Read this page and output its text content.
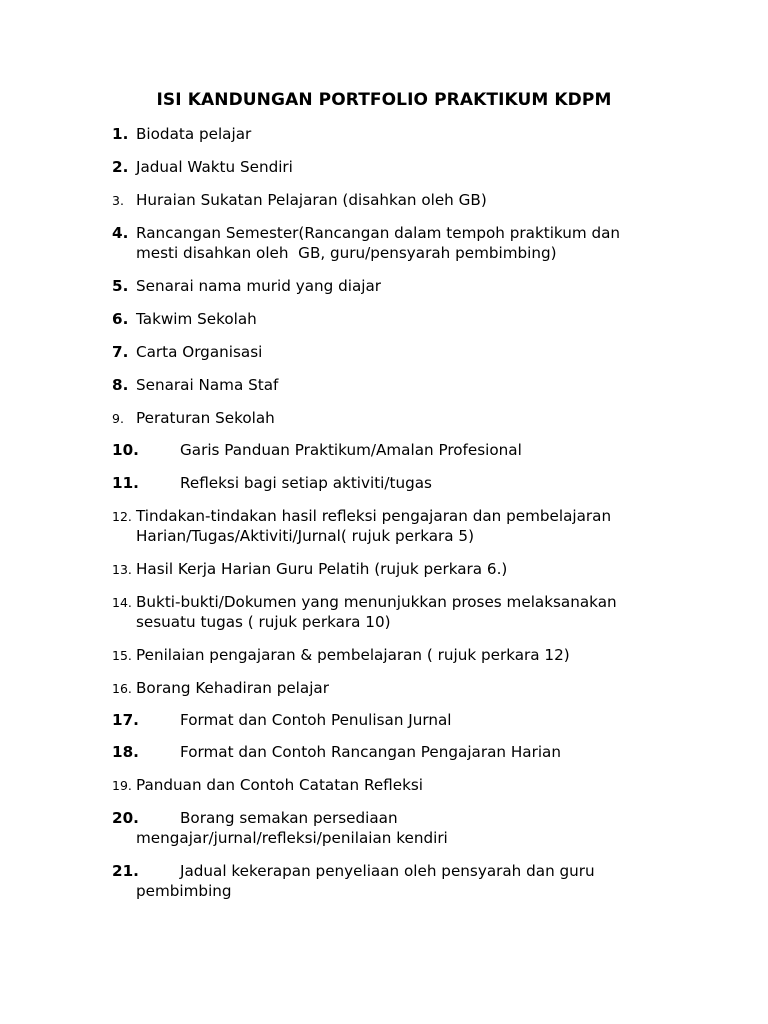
ISI KANDUNGAN PORTFOLIO PRAKTIKUM KDPM
1. Biodata pelajar
2. Jadual Waktu Sendiri
3. Huraian Sukatan Pelajaran (disahkan oleh GB)
4. Rancangan Semester(Rancangan dalam tempoh praktikum dan
mesti disahkan oleh  GB, guru/pensyarah pembimbing)
5. Senarai nama murid yang diajar
6. Takwim Sekolah
7. Carta Organisasi
8. Senarai Nama Staf
9. Peraturan Sekolah
10.	Garis Panduan Praktikum/Amalan Profesional
11.	Refleksi bagi setiap aktiviti/tugas
12. Tindakan-tindakan hasil refleksi pengajaran dan pembelajaran
Harian/Tugas/Aktiviti/Jurnal( rujuk perkara 5)
13. Hasil Kerja Harian Guru Pelatih (rujuk perkara 6.)
14. Bukti-bukti/Dokumen yang menunjukkan proses melaksanakan
sesuatu tugas ( rujuk perkara 10)
15. Penilaian pengajaran & pembelajaran ( rujuk perkara 12)
16. Borang Kehadiran pelajar
17.	Format dan Contoh Penulisan Jurnal
18.	Format dan Contoh Rancangan Pengajaran Harian
19. Panduan dan Contoh Catatan Refleksi
20.	Borang semakan persediaan
mengajar/jurnal/refleksi/penilaian kendiri
21.	Jadual kekerapan penyeliaan oleh pensyarah dan guru
pembimbing
